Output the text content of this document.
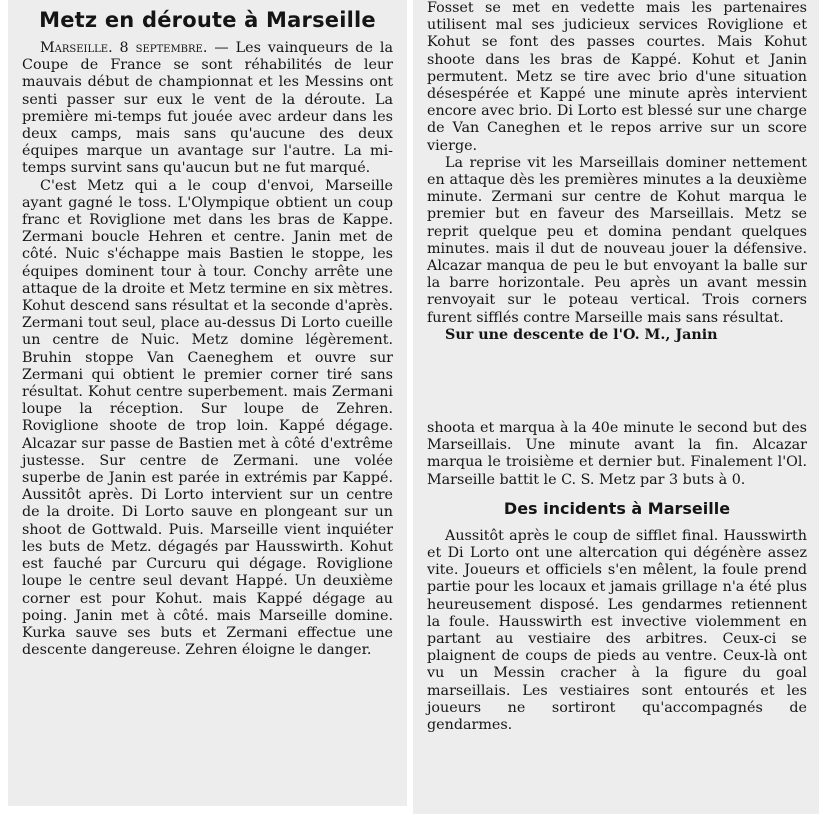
Metz en déroute à Marseille

Marseille. 8 septembre. — Les vainqueurs de la Coupe de France se sont réhabilités de leur mauvais début de championnat et les Messins ont senti passer sur eux le vent de la déroute. La première mi-temps fut jouée avec ardeur dans les deux camps, mais sans qu'aucune des deux équipes marque un avantage sur l'autre. La mi-temps survint sans qu'aucun but ne fut marqué.

C'est Metz qui a le coup d'envoi, Marseille ayant gagné le toss. L'Olympique obtient un coup franc et Roviglione met dans les bras de Kappe. Zermani boucle Hehren et centre. Janin met de côté. Nuic s'échappe mais Bastien le stoppe, les équipes dominent tour à tour. Conchy arrête une attaque de la droite et Metz termine en six mètres. Kohut descend sans résultat et la seconde d'après. Zermani tout seul, place au-dessus Di Lorto cueille un centre de Nuic. Metz domine légèrement. Bruhin stoppe Van Caeneghem et ouvre sur Zermani qui obtient le premier corner tiré sans résultat. Kohut centre superbement. mais Zermani loupe la réception. Sur loupe de Zehren. Roviglione shoote de trop loin. Kappé dégage. Alcazar sur passe de Bastien met à côté d'extrême justesse. Sur centre de Zermani. une volée superbe de Janin est parée in extrémis par Kappé. Aussitôt après. Di Lorto intervient sur un centre de la droite. Di Lorto sauve en plongeant sur un shoot de Gottwald. Puis. Marseille vient inquiéter les buts de Metz. dégagés par Hausswirth. Kohut est fauché par Curcuru qui dégage. Roviglione loupe le centre seul devant Happé. Un deuxième corner est pour Kohut. mais Kappé dégage au poing. Janin met à côté. mais Marseille domine. Kurka sauve ses buts et Zermani effectue une descente dangereuse. Zehren éloigne le danger.

Fosset se met en vedette mais les partenaires utilisent mal ses judicieux services Roviglione et Kohut se font des passes courtes. Mais Kohut shoote dans les bras de Kappé. Kohut et Janin permutent. Metz se tire avec brio d'une situation désespérée et Kappé une minute après intervient encore avec brio. Di Lorto est blessé sur une charge de Van Caneghen et le repos arrive sur un score vierge.

La reprise vit les Marseillais dominer nettement en attaque dès les premières minutes a la deuxième minute. Zermani sur centre de Kohut marqua le premier but en faveur des Marseillais. Metz se reprit quelque peu et domina pendant quelques minutes. mais il dut de nouveau jouer la défensive. Alcazar manqua de peu le but envoyant la balle sur la barre horizontale. Peu après un avant messin renvoyait sur le poteau vertical. Trois corners furent sifflés contre Marseille mais sans résultat.

Sur une descente de l'O. M., Janin

shoota et marqua à la 40e minute le second but des Marseillais. Une minute avant la fin. Alcazar marqua le troisième et dernier but. Finalement l'Ol. Marseille battit le C. S. Metz par 3 buts à 0.

Des incidents à Marseille

Aussitôt après le coup de sifflet final. Hausswirth et Di Lorto ont une altercation qui dégénère assez vite. Joueurs et officiels s'en mêlent, la foule prend partie pour les locaux et jamais grillage n'a été plus heureusement disposé. Les gendarmes retiennent la foule. Hausswirth est invective violemment en partant au vestiaire des arbitres. Ceux-ci se plaignent de coups de pieds au ventre. Ceux-là ont vu un Messin cracher à la figure du goal marseillais. Les vestiaires sont entourés et les joueurs ne sortiront qu'accompagnés de gendarmes.
